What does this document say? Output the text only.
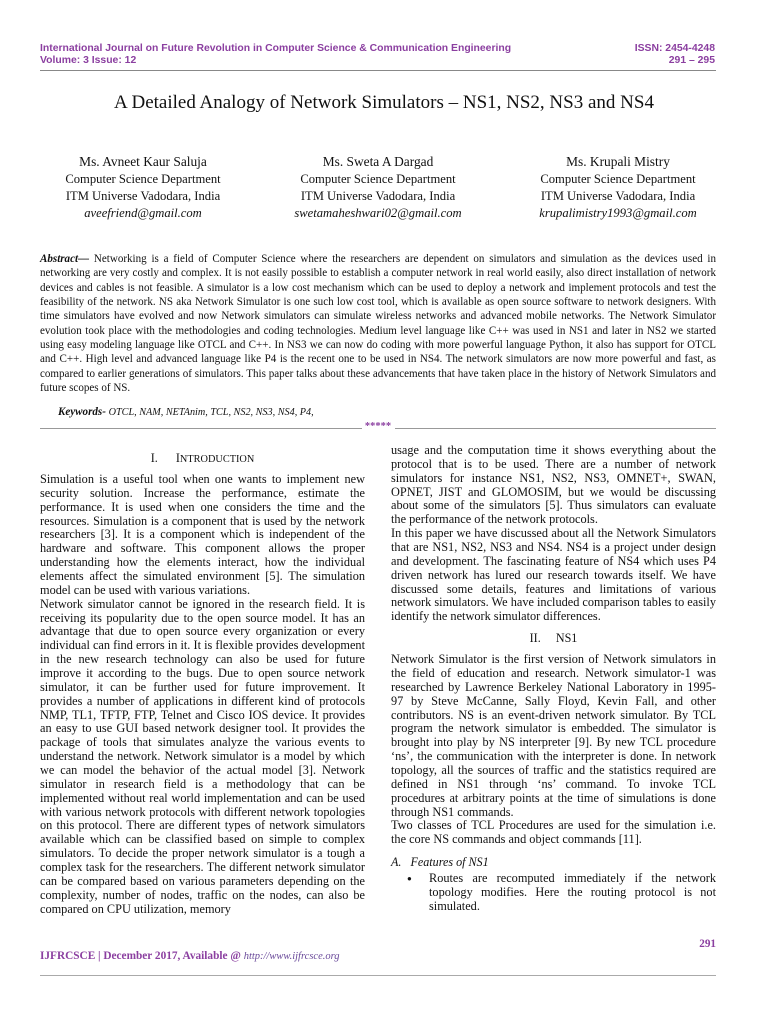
International Journal on Future Revolution in Computer Science & Communication Engineering
Volume: 3 Issue: 12
ISSN: 2454-4248
291 – 295
A Detailed Analogy of Network Simulators – NS1, NS2, NS3 and NS4
Ms. Avneet Kaur Saluja
Computer Science Department
ITM Universe Vadodara, India
aveefriend@gmail.com
Ms. Sweta A Dargad
Computer Science Department
ITM Universe Vadodara, India
swetamaheshwari02@gmail.com
Ms. Krupali Mistry
Computer Science Department
ITM Universe Vadodara, India
krupalimistry1993@gmail.com
Abstract— Networking is a field of Computer Science where the researchers are dependent on simulators and simulation as the devices used in networking are very costly and complex. It is not easily possible to establish a computer network in real world easily, also direct installation of network devices and cables is not feasible. A simulator is a low cost mechanism which can be used to deploy a network and implement protocols and test the feasibility of the network. NS aka Network Simulator is one such low cost tool, which is available as open source software to network designers. With time simulators have evolved and now Network simulators can simulate wireless networks and advanced mobile networks. The Network Simulator evolution took place with the methodologies and coding technologies. Medium level language like C++ was used in NS1 and later in NS2 we started using easy modeling language like OTCL and C++. In NS3 we can now do coding with more powerful language Python, it also has support for OTCL and C++. High level and advanced language like P4 is the recent one to be used in NS4. The network simulators are now more powerful and fast, as compared to earlier generations of simulators. This paper talks about these advancements that have taken place in the history of Network Simulators and future scopes of NS.
Keywords- OTCL, NAM, NETAnim, TCL, NS2, NS3, NS4, P4,
*****

I. INTRODUCTION

Simulation is a useful tool when one wants to implement new security solution. Increase the performance, estimate the performance. It is used when one considers the time and the resources. Simulation is a component that is used by the network researchers [3]. It is a component which is independent of the hardware and software. This component allows the proper understanding how the elements interact, how the individual elements affect the simulated environment [5]. The simulation model can be used with various variations.

Network simulator cannot be ignored in the research field. It is receiving its popularity due to the open source model. It has an advantage that due to open source every organization or every individual can find errors in it. It is flexible provides development in the new research technology can also be used for future improve it according to the bugs. Due to open source network simulator, it can be further used for future improvement. It provides a number of applications in different kind of protocols NMP, TL1, TFTP, FTP, Telnet and Cisco IOS device. It provides an easy to use GUI based network designer tool. It provides the package of tools that simulates analyze the various events to understand the network. Network simulator is a model by which we can model the behavior of the actual model [3]. Network simulator in research field is a methodology that can be implemented without real world implementation and can be used with various network protocols with different network topologies on this protocol. There are different types of network simulators available which can be classified based on simple to complex simulators. To decide the proper network simulator is a tough a complex task for the researchers. The different network simulator can be compared based on various parameters depending on the complexity, number of nodes, traffic on the nodes, can also be compared on CPU utilization, memory

usage and the computation time it shows everything about the protocol that is to be used. There are a number of network simulators for instance NS1, NS2, NS3, OMNET+, SWAN, OPNET, JIST and GLOMOSIM, but we would be discussing about some of the simulators [5]. Thus simulators can evaluate the performance of the network protocols.

In this paper we have discussed about all the Network Simulators that are NS1, NS2, NS3 and NS4. NS4 is a project under design and development. The fascinating feature of NS4 which uses P4 driven network has lured our research towards itself. We have discussed some details, features and limitations of various network simulators. We have included comparison tables to easily identify the network simulator differences.

II. NS1

Network Simulator is the first version of Network simulators in the field of education and research. Network simulator-1 was researched by Lawrence Berkeley National Laboratory in 1995-97 by Steve McCanne, Sally Floyd, Kevin Fall, and other contributors. NS is an event-driven network simulator. By TCL program the network simulator is embedded. The simulator is brought into play by NS interpreter [9]. By new TCL procedure ‘ns’, the communication with the interpreter is done. In network topology, all the sources of traffic and the statistics required are defined in NS1 through ‘ns’ command. To invoke TCL procedures at arbitrary points at the time of simulations is done through NS1 commands.

Two classes of TCL Procedures are used for the simulation i.e. the core NS commands and object commands [11].

A. Features of NS1

● Routes are recomputed immediately if the network topology modifies. Here the routing protocol is not simulated.
291
IJFRCSCE | December 2017, Available @ http://www.ijfrcsce.org
